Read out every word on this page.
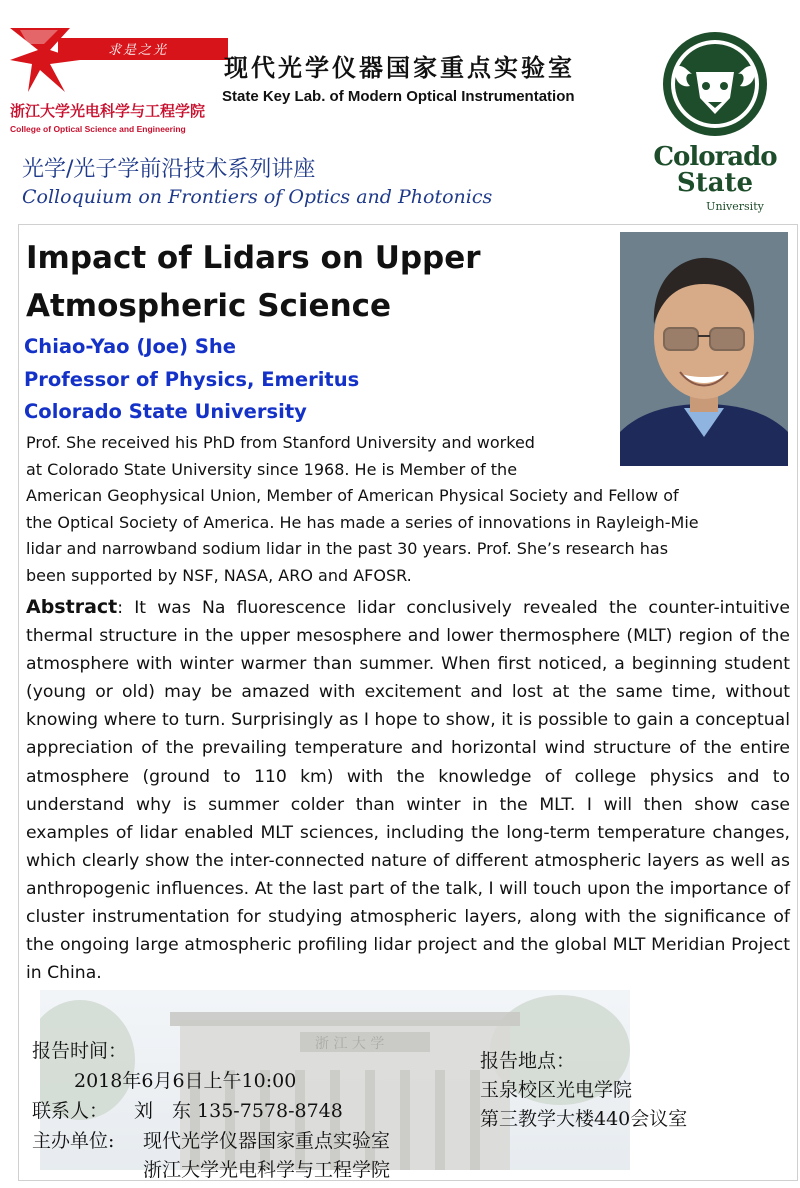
求是之光
浙江大学光电科学与工程学院
College of Optical Science and Engineering
现代光学仪器国家重点实验室
State Key Lab. of Modern Optical Instrumentation
光学/光子学前沿技术系列讲座
Colloquium on Frontiers of Optics and Photonics
Colorado
State
University
浙 江 大 学
Impact of Lidars on Upper Atmospheric Science
Chiao-Yao (Joe) She
Professor of Physics, Emeritus
Colorado State University
Prof. She received his PhD from Stanford University and worked
at Colorado State University since 1968. He is Member of the
American Geophysical Union, Member of American Physical Society and Fellow of
the Optical Society of America. He has made a series of innovations in Rayleigh-Mie
lidar and narrowband sodium lidar in the past 30 years. Prof. She’s research has
been supported by NSF, NASA, ARO and AFOSR.
Abstract: It was Na fluorescence lidar conclusively revealed the counter-intuitive thermal structure in the upper mesosphere and lower thermosphere (MLT) region of the atmosphere with winter warmer than summer. When first noticed, a beginning student (young or old) may be amazed with excitement and lost at the same time, without knowing where to turn. Surprisingly as I hope to show, it is possible to gain a conceptual appreciation of the prevailing temperature and horizontal wind structure of the entire atmosphere (ground to 110 km) with the knowledge of college physics and to understand why is summer colder than winter in the MLT. I will then show case examples of lidar enabled MLT sciences, including the long-term temperature changes, which clearly show the inter-connected nature of different atmospheric layers as well as anthropogenic influences. At the last part of the talk, I will touch upon the importance of cluster instrumentation for studying atmospheric layers, along with the significance of the ongoing large atmospheric profiling lidar project and the global MLT Meridian Project in China.
报告时间：
2018年6月6日上午10:00
联系人： 刘　东 135-7578-8748
主办单位: 现代光学仪器国家重点实验室
浙江大学光电科学与工程学院
报告地点：
玉泉校区光电学院
第三教学大楼440会议室
